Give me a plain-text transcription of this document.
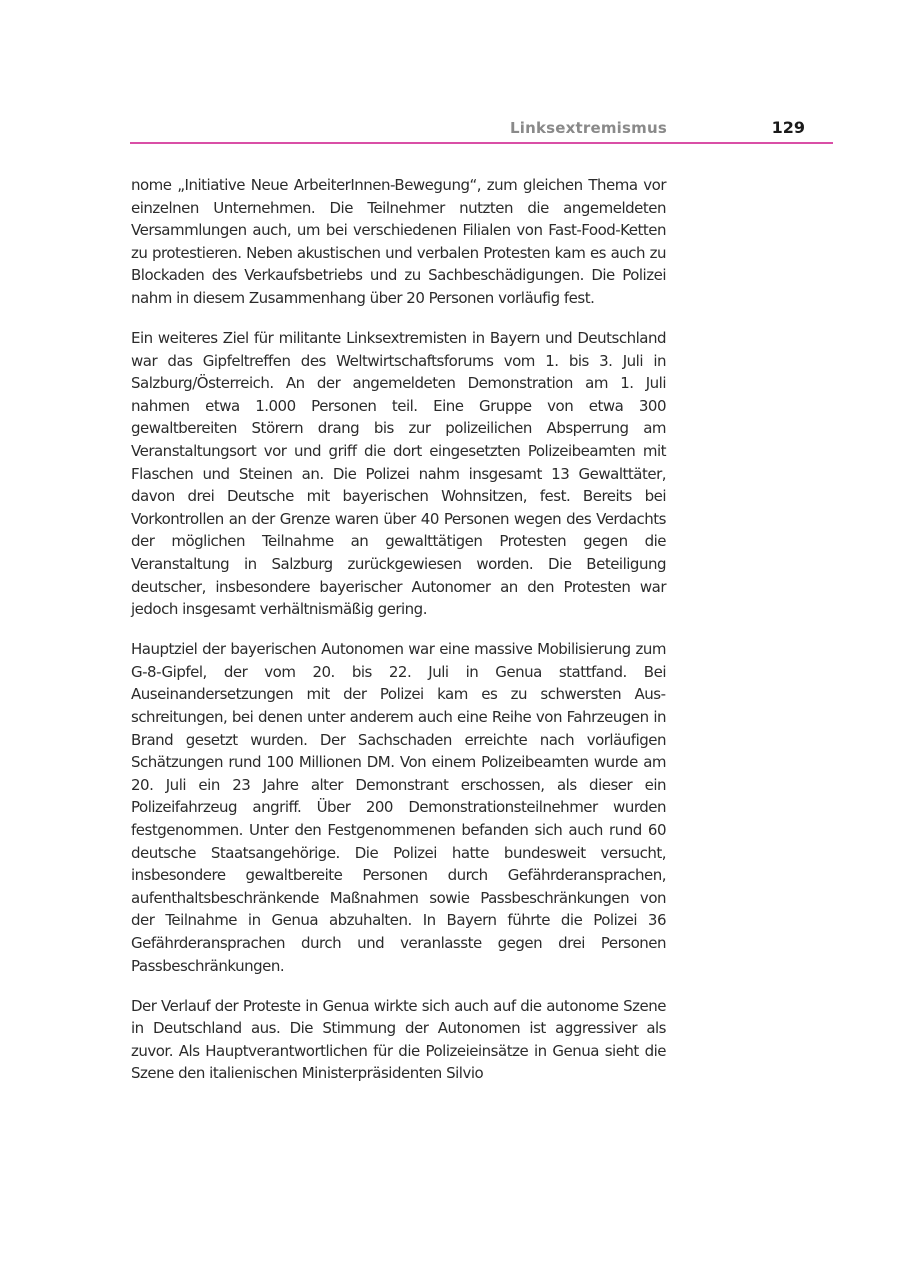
Linksextremismus	129

nome „Initiative Neue ArbeiterInnen-Bewegung“, zum gleichen Thema vor einzelnen Unternehmen. Die Teilnehmer nutzten die angemeldeten Versammlungen auch, um bei verschiedenen Filialen von Fast-Food-Ketten zu protestieren. Neben akustischen und verbalen Protesten kam es auch zu Blockaden des Verkaufsbetriebs und zu Sachbeschädigungen. Die Polizei nahm in diesem Zusammenhang über 20 Personen vorläufig fest.

Ein weiteres Ziel für militante Linksextremisten in Bayern und Deutschland war das Gipfeltreffen des Weltwirtschaftsforums vom 1. bis 3. Juli in Salzburg/Österreich. An der angemeldeten Demonstration am 1. Juli nahmen etwa 1.000 Personen teil. Eine Gruppe von etwa 300 gewaltbereiten Störern drang bis zur polizeilichen Absperrung am Veranstaltungsort vor und griff die dort eingesetzten Polizeibeamten mit Flaschen und Steinen an. Die Polizei nahm insgesamt 13 Gewalttäter, davon drei Deutsche mit bayerischen Wohnsitzen, fest. Bereits bei Vorkontrollen an der Grenze waren über 40 Personen wegen des Verdachts der möglichen Teilnahme an gewalttätigen Protesten gegen die Veranstaltung in Salzburg zurückgewiesen worden. Die Beteiligung deutscher, insbesondere bayerischer Autonomer an den Protesten war jedoch insgesamt verhältnismäßig gering.

Hauptziel der bayerischen Autonomen war eine massive Mobilisierung zum G-8-Gipfel, der vom 20. bis 22. Juli in Genua stattfand. Bei Auseinandersetzungen mit der Polizei kam es zu schwersten Ausschreitungen, bei denen unter anderem auch eine Reihe von Fahrzeugen in Brand gesetzt wurden. Der Sachschaden erreichte nach vorläufigen Schätzungen rund 100 Millionen DM. Von einem Polizeibeamten wurde am 20. Juli ein 23 Jahre alter Demonstrant erschossen, als dieser ein Polizeifahrzeug angriff. Über 200 Demonstrationsteilnehmer wurden festgenommen. Unter den Festgenommenen befanden sich auch rund 60 deutsche Staatsangehörige. Die Polizei hatte bundesweit versucht, insbesondere gewaltbereite Personen durch Gefährderansprachen, aufenthaltsbeschränkende Maßnahmen sowie Passbeschränkungen von der Teilnahme in Genua abzuhalten. In Bayern führte die Polizei 36 Gefährderansprachen durch und veranlasste gegen drei Personen Passbeschränkungen.

Der Verlauf der Proteste in Genua wirkte sich auch auf die autonome Szene in Deutschland aus. Die Stimmung der Autonomen ist aggressiver als zuvor. Als Hauptverantwortlichen für die Polizeieinsätze in Genua sieht die Szene den italienischen Ministerpräsidenten Silvio
